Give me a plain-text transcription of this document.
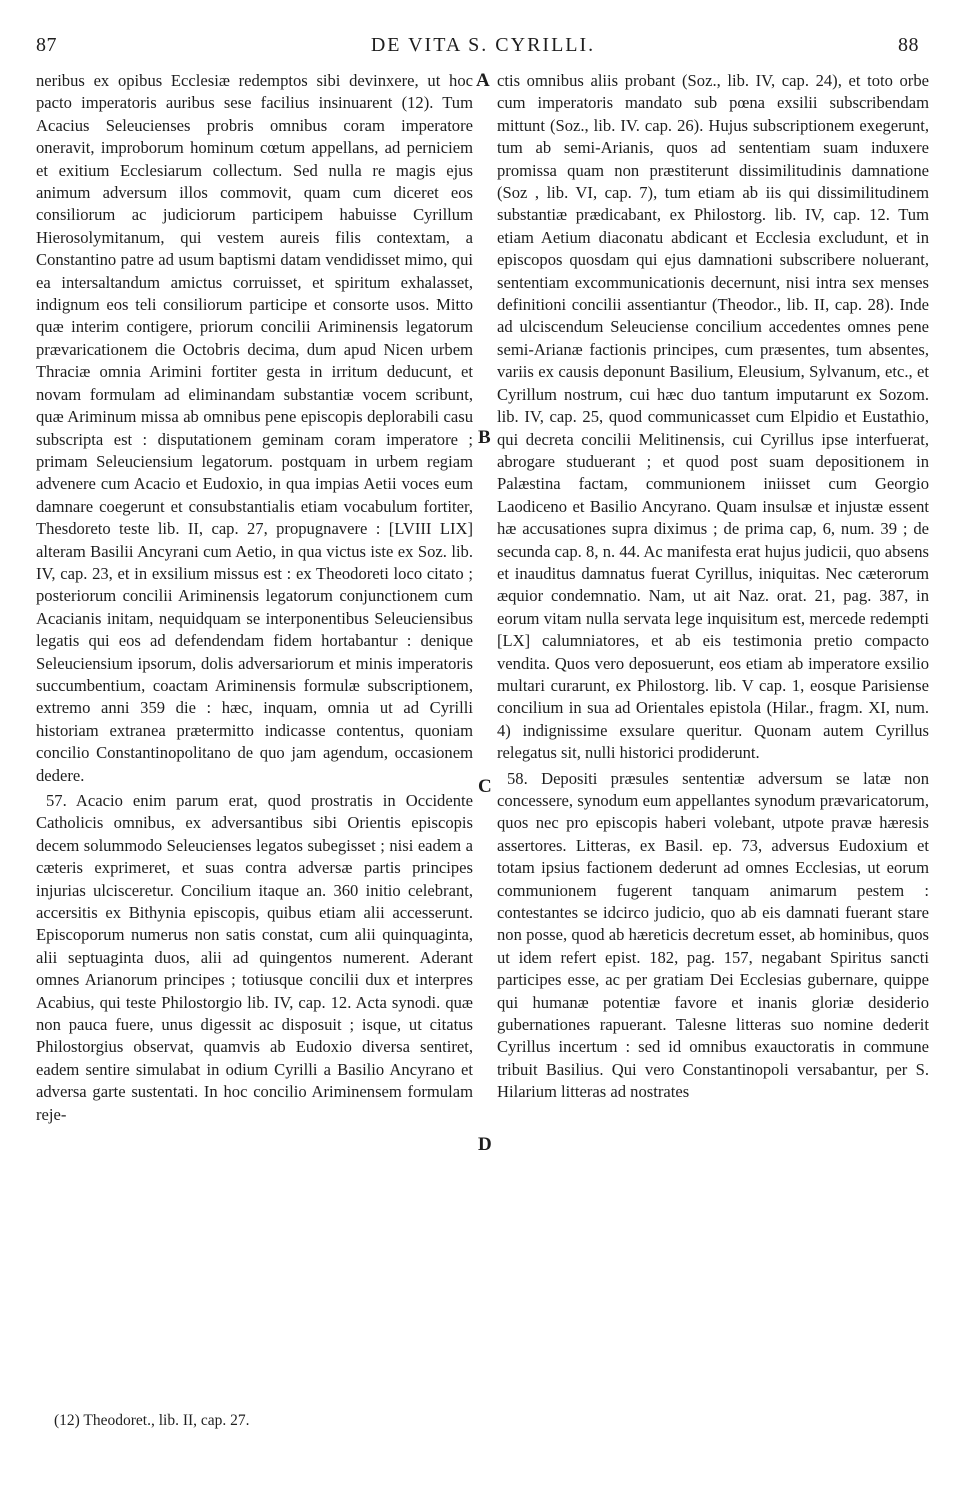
87	DE VITA S. CYRILLI.	88

neribus ex opibus Ecclesiæ redemptos sibi devinxere, ut hoc pacto imperatoris auribus sese facilius insinuarent (12). Tum Acacius Seleucienses probris omnibus coram imperatore oneravit, improborum hominum cœtum appellans, ad perniciem et exitium Ecclesiarum collectum. Sed nulla re magis ejus animum adversum illos commovit, quam cum diceret eos consiliorum ac judiciorum participem habuisse Cyrillum Hierosolymitanum, qui vestem aureis filis contextam, a Constantino patre ad usum baptismi datam vendidisset mimo, qui ea intersaltandum amictus corruisset, et spiritum exhalasset, indignum eos teli consiliorum participe et consorte usos. Mitto quæ interim contigere, priorum concilii Ariminensis legatorum prævaricationem die Octobris decima, dum apud Nicen urbem Thraciæ omnia Arimini fortiter gesta in irritum deducunt, et novam formulam ad eliminandam substantiæ vocem scribunt, quæ Ariminum missa ab omnibus pene episcopis deplorabili casu subscripta est : disputationem geminam coram imperatore ; primam Seleuciensium legatorum. postquam in urbem regiam advenere cum Acacio et Eudoxio, in qua impias Aetii voces eum damnare coegerunt et consubstantialis etiam vocabulum fortiter, Thesdoreto teste lib. II, cap. 27, propugnavere : [LVIII LIX] alteram Basilii Ancyrani cum Aetio, in qua victus iste ex Soz. lib. IV, cap. 23, et in exsilium missus est : ex Theodoreti loco citato ; posteriorum concilii Ariminensis legatorum conjunctionem cum Acacianis initam, nequidquam se interponentibus Seleuciensibus legatis qui eos ad defendendam fidem hortabantur : denique Seleuciensium ipsorum, dolis adversariorum et minis imperatoris succumbentium, coactam Ariminensis formulæ subscriptionem, extremo anni 359 die : hæc, inquam, omnia ut ad Cyrilli historiam extranea prætermitto indicasse contentus, quoniam concilio Constantinopolitano de quo jam agendum, occasionem dedere.

57. Acacio enim parum erat, quod prostratis in Occidente Catholicis omnibus, ex adversantibus sibi Orientis episcopis decem solummodo Seleucienses legatos subegisset ; nisi eadem a cæteris exprimeret, et suas contra adversæ partis principes injurias ulcisceretur. Concilium itaque an. 360 initio celebrant, accersitis ex Bithynia episcopis, quibus etiam alii accesserunt. Episcoporum numerus non satis constat, cum alii quinquaginta, alii septuaginta duos, alii ad quingentos numerent. Aderant omnes Arianorum principes ; totiusque concilii dux et interpres Acabius, qui teste Philostorgio lib. IV, cap. 12. Acta synodi. quæ non pauca fuere, unus digessit ac disposuit ; isque, ut citatus Philostorgius observat, quamvis ab Eudoxio diversa sentiret, eadem sentire simulabat in odium Cyrilli a Basilio Ancyrano et adversa garte sustentati. In hoc concilio Ariminensem formulam reje-

A
B
C
D

ctis omnibus aliis probant (Soz., lib. IV, cap. 24), et toto orbe cum imperatoris mandato sub pœna exsilii subscribendam mittunt (Soz., lib. IV. cap. 26). Hujus subscriptionem exegerunt, tum ab semi-Arianis, quos ad sententiam suam induxere promissa quam non præstiterunt dissimilitudinis damnatione (Soz , lib. VI, cap. 7), tum etiam ab iis qui dissimilitudinem substantiæ prædicabant, ex Philostorg. lib. IV, cap. 12. Tum etiam Aetium diaconatu abdicant et Ecclesia excludunt, et in episcopos quosdam qui ejus damnationi subscribere noluerant, sententiam excommunicationis decernunt, nisi intra sex menses definitioni concilii assentiantur (Theodor., lib. II, cap. 28). Inde ad ulciscendum Seleuciense concilium accedentes omnes pene semi-Arianæ factionis principes, cum præsentes, tum absentes, variis ex causis deponunt Basilium, Eleusium, Sylvanum, etc., et Cyrillum nostrum, cui hæc duo tantum imputarunt ex Sozom. lib. IV, cap. 25, quod communicasset cum Elpidio et Eustathio, qui decreta concilii Melitinensis, cui Cyrillus ipse interfuerat, abrogare studuerant ; et quod post suam depositionem in Palæstina factam, communionem iniisset cum Georgio Laodiceno et Basilio Ancyrano. Quam insulsæ et injustæ essent hæ accusationes supra diximus ; de prima cap, 6, num. 39 ; de secunda cap. 8, n. 44. Ac manifesta erat hujus judicii, quo absens et inauditus damnatus fuerat Cyrillus, iniquitas. Nec cæterorum æquior condemnatio. Nam, ut ait Naz. orat. 21, pag. 387, in eorum vitam nulla servata lege inquisitum est, mercede redempti [LX] calumniatores, et ab eis testimonia pretio compacto vendita. Quos vero deposuerunt, eos etiam ab imperatore exsilio multari curarunt, ex Philostorg. lib. V cap. 1, eosque Parisiense concilium in sua ad Orientales epistola (Hilar., fragm. XI, num. 4) indignissime exsulare queritur. Quonam autem Cyrillus relegatus sit, nulli historici prodiderunt.

58. Depositi præsules sententiæ adversum se latæ non concessere, synodum eum appellantes synodum prævaricatorum, quos nec pro episcopis haberi volebant, utpote pravæ hæresis assertores. Litteras, ex Basil. ep. 73, adversus Eudoxium et totam ipsius factionem dederunt ad omnes Ecclesias, ut eorum communionem fugerent tanquam animarum pestem : contestantes se idcirco judicio, quo ab eis damnati fuerant stare non posse, quod ab hæreticis decretum esset, ab hominibus, quos ut idem refert epist. 182, pag. 157, negabant Spiritus sancti participes esse, ac per gratiam Dei Ecclesias gubernare, quippe qui humanæ potentiæ favore et inanis gloriæ desiderio gubernationes rapuerant. Talesne litteras suo nomine dederit Cyrillus incertum : sed id omnibus exauctoratis in commune tribuit Basilius. Qui vero Constantinopoli versabantur, per S. Hilarium litteras ad nostrates

(12) Theodoret., lib. II, cap. 27.
